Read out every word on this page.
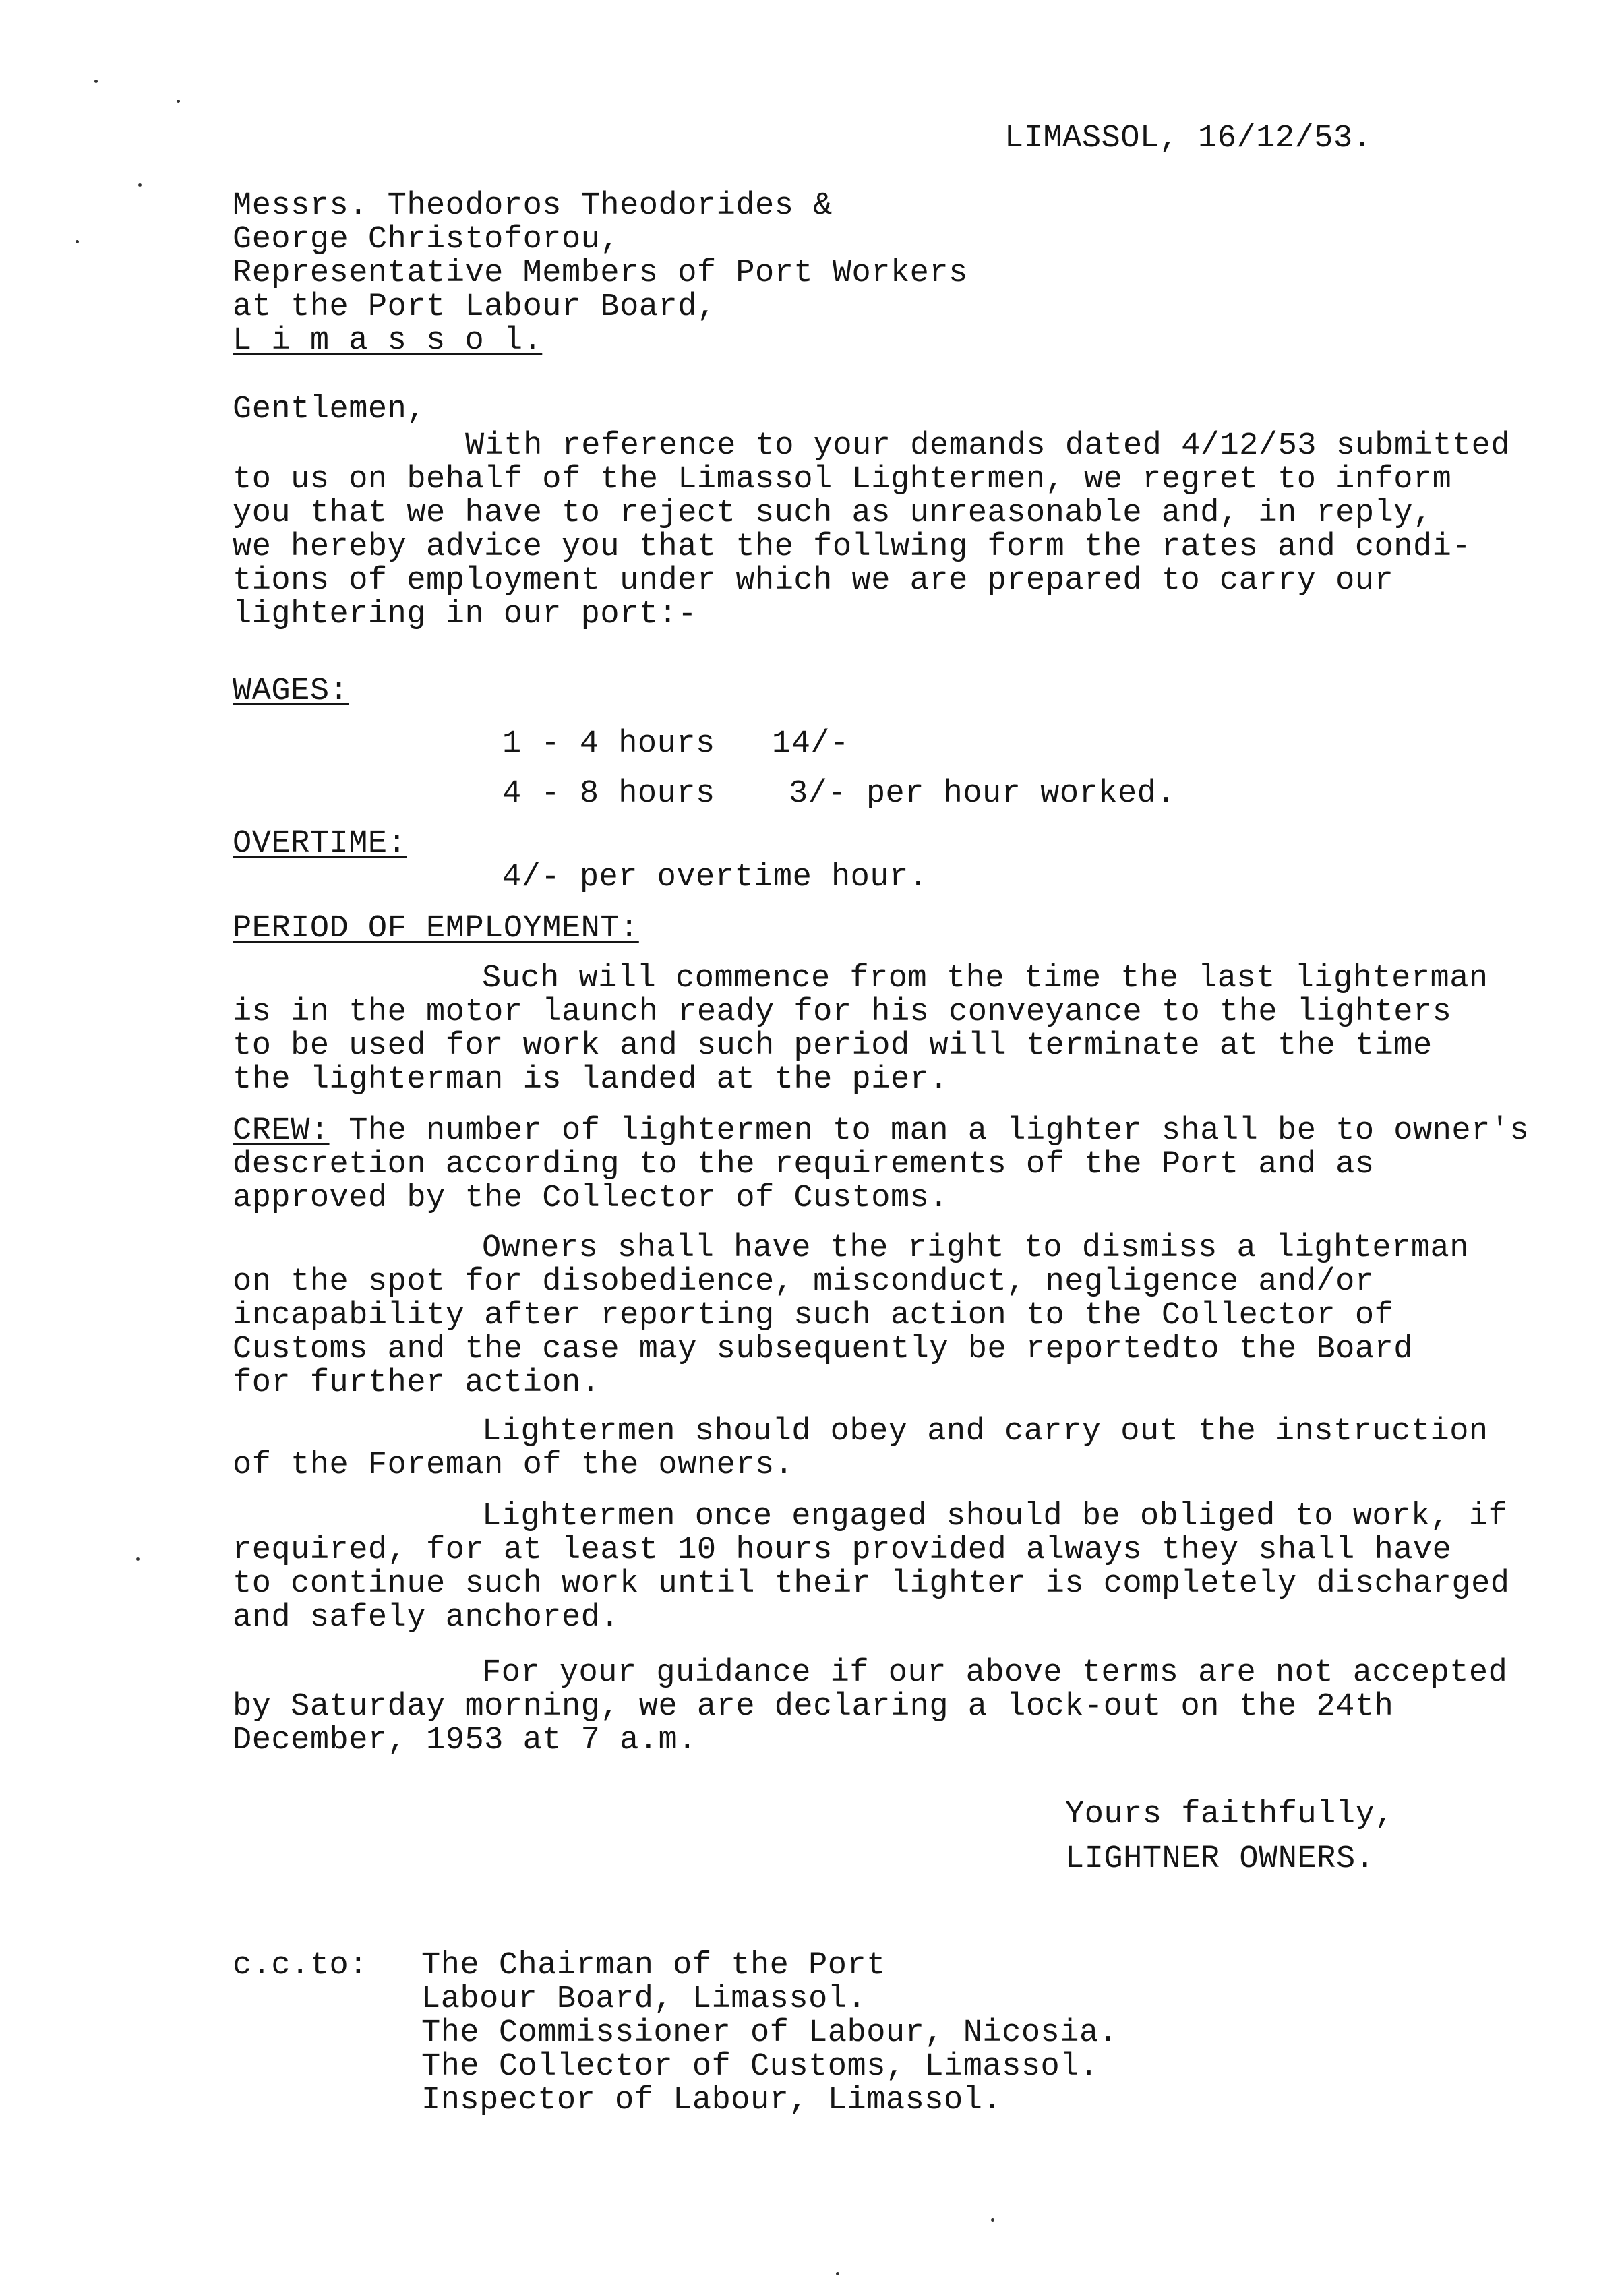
LIMASSOL, 16/12/53.
Messrs. Theodoros Theodorides &
George Christoforou,
Representative Members of Port Workers
at the Port Labour Board,
L i m a s s o l.
Gentlemen,
With reference to your demands dated 4/12/53 submitted
to us on behalf of the Limassol Lightermen, we regret to inform
you that we have to reject such as unreasonable and, in reply,
we hereby advice you that the follwing form the rates and condi-
tions of employment under which we are prepared to carry our
lightering in our port:-
WAGES:
1 - 4 hours 14/-
4 - 8 hours 3/- per hour worked.
OVERTIME:
4/- per overtime hour.
PERIOD OF EMPLOYMENT:
Such will commence from the time the last lighterman
is in the motor launch ready for his conveyance to the lighters
to be used for work and such period will terminate at the time
the lighterman is landed at the pier.
CREW: The number of lightermen to man a lighter shall be to owner's
descretion according to the requirements of the Port and as
approved by the Collector of Customs.
Owners shall have the right to dismiss a lighterman
on the spot for disobedience, misconduct, negligence and/or
incapability after reporting such action to the Collector of
Customs and the case may subsequently be reportedto the Board
for further action.
Lightermen should obey and carry out the instruction
of the Foreman of the owners.
Lightermen once engaged should be obliged to work, if
required, for at least 10 hours provided always they shall have
to continue such work until their lighter is completely discharged
and safely anchored.
For your guidance if our above terms are not accepted
by Saturday morning, we are declaring a lock-out on the 24th
December, 1953 at 7 a.m.
Yours faithfully,
LIGHTNER OWNERS.
c.c.to: The Chairman of the Port
Labour Board, Limassol.
The Commissioner of Labour, Nicosia.
The Collector of Customs, Limassol.
Inspector of Labour, Limassol.
